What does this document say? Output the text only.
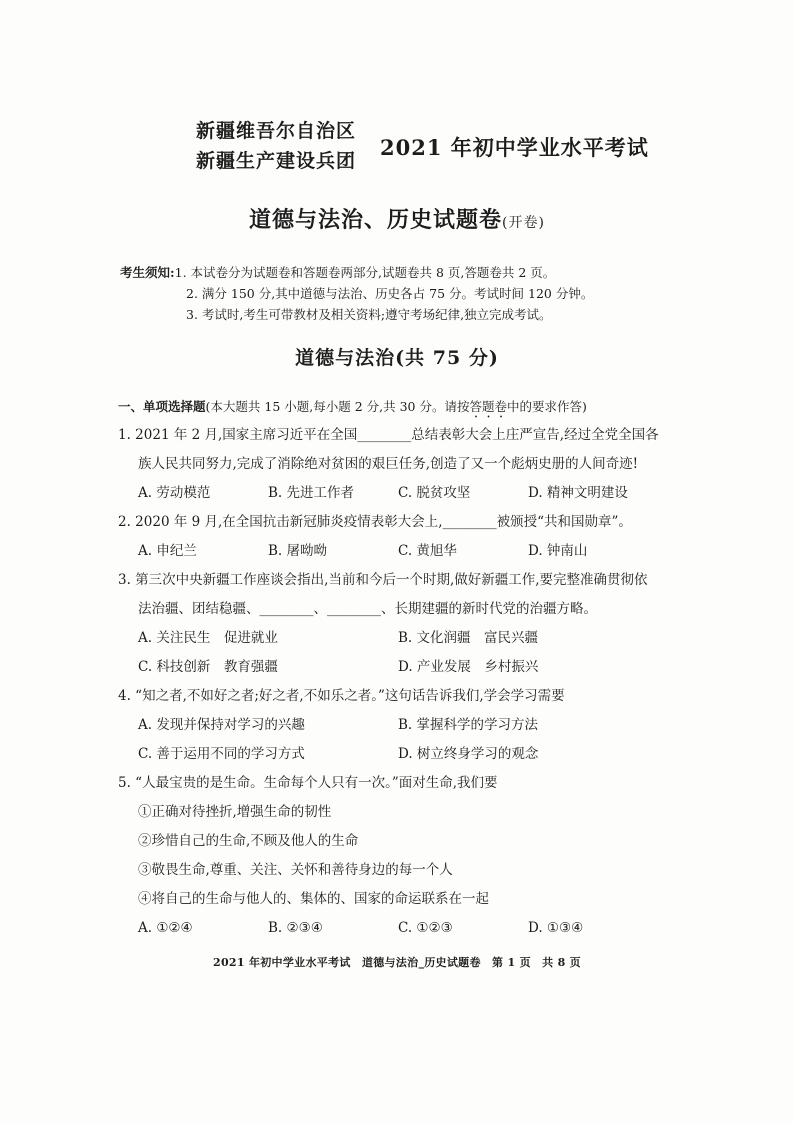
新疆维吾尔自治区
新疆生产建设兵团
2021 年初中学业水平考试
道德与法治、历史试题卷(开卷)
考生须知:1. 本试卷分为试题卷和答题卷两部分,试题卷共 8 页,答题卷共 2 页。
2. 满分 150 分,其中道德与法治、历史各占 75 分。考试时间 120 分钟。
3. 考试时,考生可带教材及相关资料;遵守考场纪律,独立完成考试。
道德与法治(共 75 分)
一、单项选择题(本大题共 15 小题,每小题 2 分,共 30 分。请按答题卷中的要求作答)
1. 2021 年 2 月,国家主席习近平在全国________总结表彰大会上庄严宣告,经过全党全国各
族人民共同努力,完成了消除绝对贫困的艰巨任务,创造了又一个彪炳史册的人间奇迹!
A. 劳动模范	B. 先进工作者	C. 脱贫攻坚	D. 精神文明建设
2. 2020 年 9 月,在全国抗击新冠肺炎疫情表彰大会上,________被颁授“共和国勋章”。
A. 申纪兰	B. 屠呦呦	C. 黄旭华	D. 钟南山
3. 第三次中央新疆工作座谈会指出,当前和今后一个时期,做好新疆工作,要完整准确贯彻依
法治疆、团结稳疆、________、________、长期建疆的新时代党的治疆方略。
A. 关注民生　促进就业	B. 文化润疆　富民兴疆
C. 科技创新　教育强疆	D. 产业发展　乡村振兴
4. “知之者,不如好之者;好之者,不如乐之者。”这句话告诉我们,学会学习需要
A. 发现并保持对学习的兴趣	B. 掌握科学的学习方法
C. 善于运用不同的学习方式	D. 树立终身学习的观念
5. “人最宝贵的是生命。生命每个人只有一次。”面对生命,我们要
①正确对待挫折,增强生命的韧性
②珍惜自己的生命,不顾及他人的生命
③敬畏生命,尊重、关注、关怀和善待身边的每一个人
④将自己的生命与他人的、集体的、国家的命运联系在一起
A. ①②④	B. ②③④	C. ①②③	D. ①③④
2021 年初中学业水平考试　道德与法治_历史试题卷　第 1 页　共 8 页
